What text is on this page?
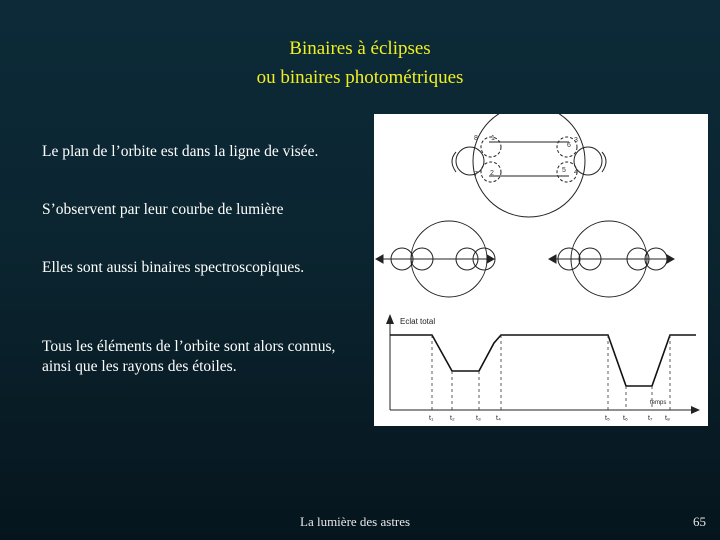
Binaires à éclipses
ou binaires photométriques
Le plan de l’orbite est dans la ligne de visée.
S’observent par leur courbe de lumière
Elles sont aussi binaires spectroscopiques.
Tous les éléments de l’orbite sont alors connus, ainsi que les rayons des étoiles.
8 1
2
3
4
5
6
7
Eclat total
temps
t₁ t₂	t₃ t₄	t₅ t₆	t₇ t₈
La lumière des astres	65
